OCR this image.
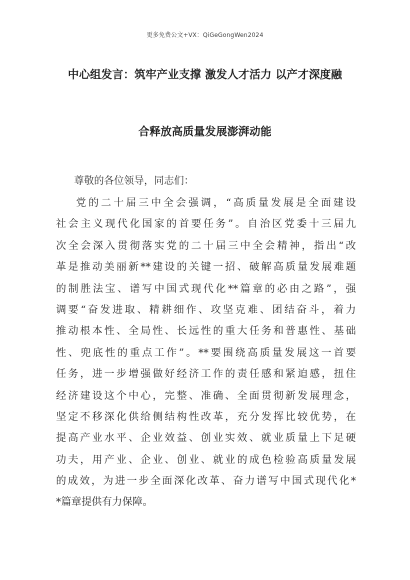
更多免费公文+VX：QiGeGongWen2024
中心组发言：筑牢产业支撑 激发人才活力 以产才深度融
合释放高质量发展澎湃动能
尊敬的各位领导，同志们：
党的二十届三中全会强调，“高质量发展是全面建设
社会主义现代化国家的首要任务”。自治区党委十三届九
次全会深入贯彻落实党的二十届三中全会精神，指出“改
革是推动美丽新**建设的关键一招、破解高质量发展难题
的制胜法宝、谱写中国式现代化**篇章的必由之路”，强
调要“奋发进取、精耕细作、攻坚克难、团结奋斗，着力
推动根本性、全局性、长远性的重大任务和普惠性、基础
性、兜底性的重点工作”。**要围绕高质量发展这一首要
任务，进一步增强做好经济工作的责任感和紧迫感，扭住
经济建设这个中心，完整、准确、全面贯彻新发展理念，
坚定不移深化供给侧结构性改革，充分发挥比较优势，在
提高产业水平、企业效益、创业实效、就业质量上下足硬
功夫，用产业、企业、创业、就业的成色检验高质量发展
的成效，为进一步全面深化改革、奋力谱写中国式现代化*
*篇章提供有力保障。
